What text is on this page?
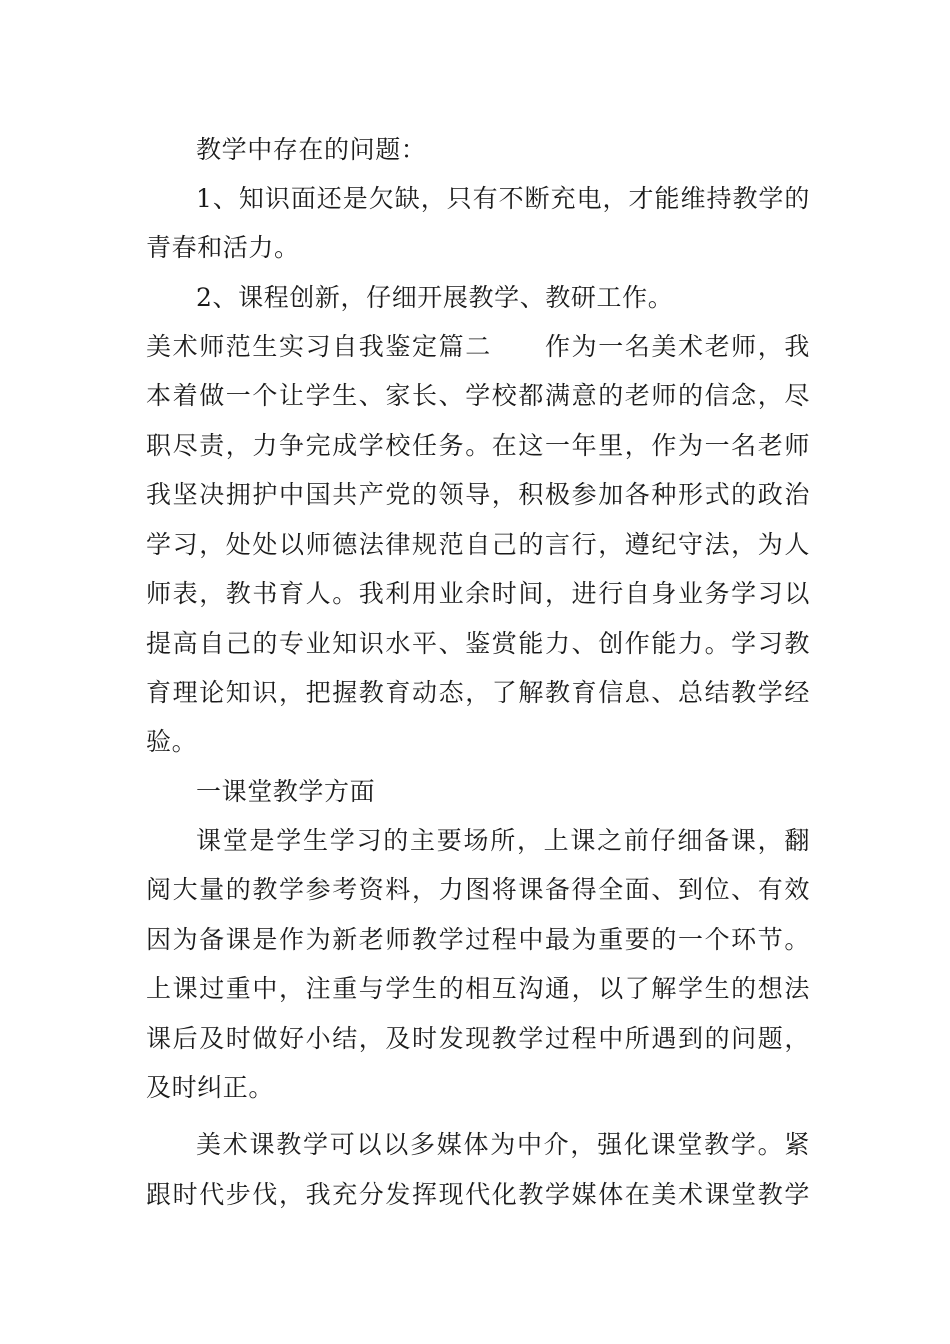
教学中存在的问题：
1、知识面还是欠缺，只有不断充电，才能维持教学的
青春和活力。
2、课程创新，仔细开展教学、教研工作。
美术师范生实习自我鉴定篇二　　作为一名美术老师，我
本着做一个让学生、家长、学校都满意的老师的信念，尽
职尽责，力争完成学校任务。在这一年里，作为一名老师
我坚决拥护中国共产党的领导，积极参加各种形式的政治
学习，处处以师德法律规范自己的言行，遵纪守法，为人
师表，教书育人。我利用业余时间，进行自身业务学习以
提高自己的专业知识水平、鉴赏能力、创作能力。学习教
育理论知识，把握教育动态，了解教育信息、总结教学经
验。
一课堂教学方面
课堂是学生学习的主要场所，上课之前仔细备课，翻
阅大量的教学参考资料，力图将课备得全面、到位、有效
因为备课是作为新老师教学过程中最为重要的一个环节。
上课过重中，注重与学生的相互沟通，以了解学生的想法
课后及时做好小结，及时发现教学过程中所遇到的问题，
及时纠正。
美术课教学可以以多媒体为中介，强化课堂教学。紧
跟时代步伐，我充分发挥现代化教学媒体在美术课堂教学
